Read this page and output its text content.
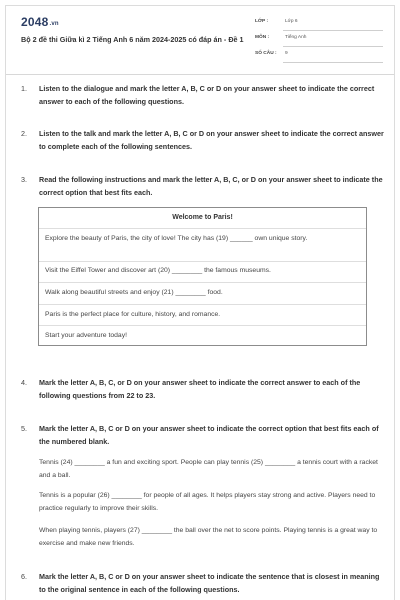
2048.vn
Bộ 2 đề thi Giữa kì 2 Tiếng Anh 6 năm 2024-2025 có đáp án - Đề 1
LỚP :	Lớp 6
MÔN :	Tiếng Anh
SỐ CÂU : 9
1. Listen to the dialogue and mark the letter A, B, C or D on your answer sheet to indicate the correct answer to each of the following questions.
2. Listen to the talk and mark the letter A, B, C or D on your answer sheet to indicate the correct answer to complete each of the following sentences.
3. Read the following instructions and mark the letter A, B, C, or D on your answer sheet to indicate the correct option that best fits each.
Welcome to Paris!
Explore the beauty of Paris, the city of love! The city has (19) ______ own unique story.
Visit the Eiffel Tower and discover art (20) ________ the famous museums.
Walk along beautiful streets and enjoy (21) ________ food.
Paris is the perfect place for culture, history, and romance.
Start your adventure today!
4. Mark the letter A, B, C, or D on your answer sheet to indicate the correct answer to each of the following questions from 22 to 23.
5. Mark the letter A, B, C or D on your answer sheet to indicate the correct option that best fits each of the numbered blank.
Tennis (24) ________ a fun and exciting sport. People can play tennis (25) ________ a tennis court with a racket and a ball.
Tennis is a popular (26) ________ for people of all ages. It helps players stay strong and active. Players need to practice regularly to improve their skills.
When playing tennis, players (27) ________ the ball over the net to score points. Playing tennis is a great way to exercise and make new friends.
6. Mark the letter A, B, C or D on your answer sheet to indicate the sentence that is closest in meaning to the original sentence in each of the following questions.
